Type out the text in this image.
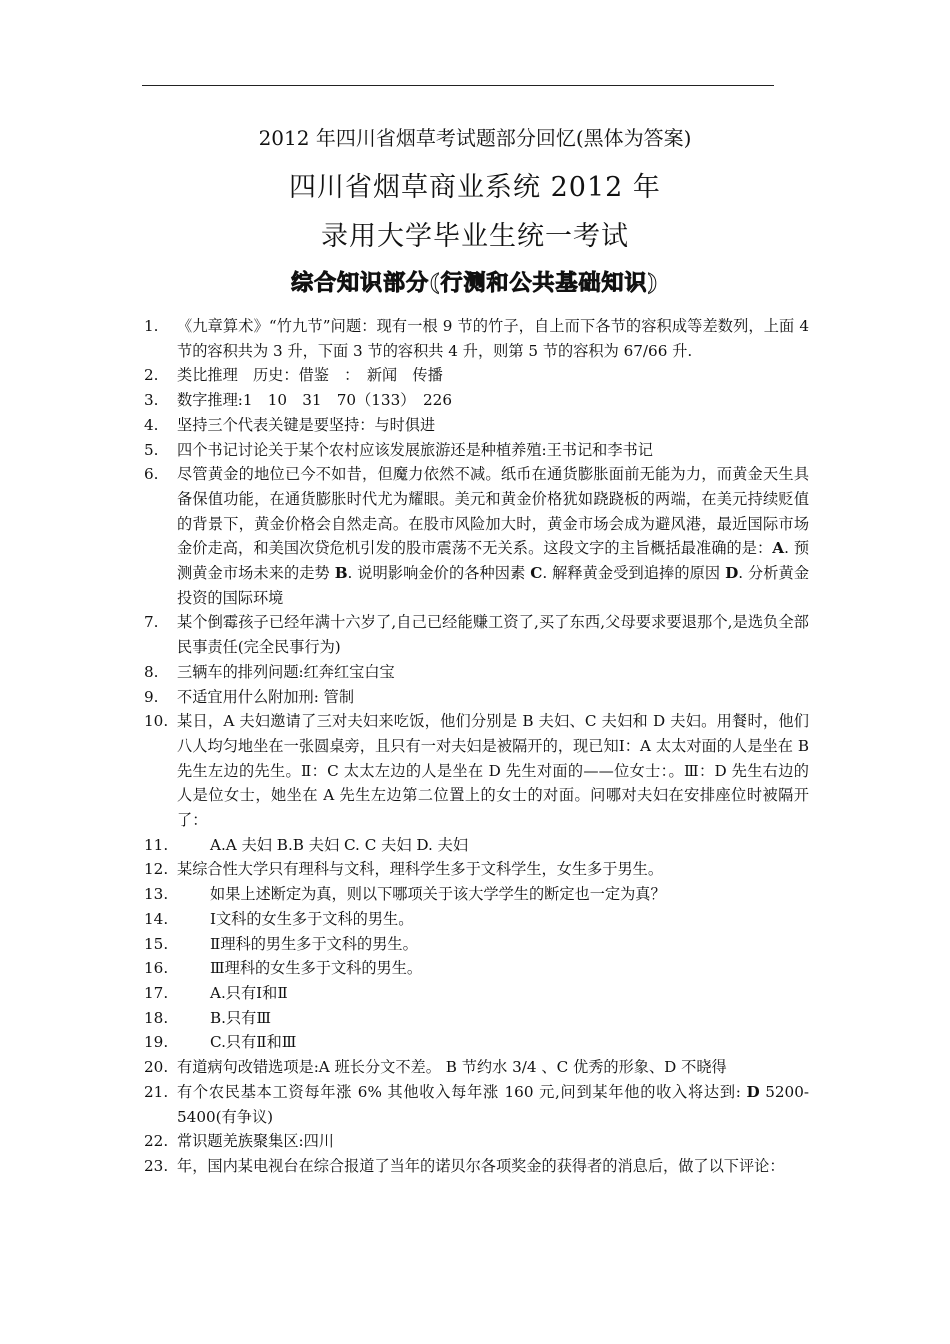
2012 年四川省烟草考试题部分回忆(黑体为答案)
四川省烟草商业系统 2012 年
录用大学毕业生统一考试
综合知识部分(行测和公共基础知识)
1. 《九章算术》“竹九节”问题：现有一根 9 节的竹子，自上而下各节的容积成等差数列，上面 4 节的容积共为 3 升，下面 3 节的容积共 4 升，则第 5 节的容积为 67/66 升.
2. 类比推理　历史：借鉴　：　新闻　传播
3. 数字推理:1　10　31　70（133）　226
4. 坚持三个代表关键是要坚持：与时俱进
5. 四个书记讨论关于某个农村应该发展旅游还是种植养殖:王书记和李书记
6. 尽管黄金的地位已今不如昔，但魔力依然不减。纸币在通货膨胀面前无能为力，而黄金天生具备保值功能，在通货膨胀时代尤为耀眼。美元和黄金价格犹如跷跷板的两端，在美元持续贬值的背景下，黄金价格会自然走高。在股市风险加大时，黄金市场会成为避风港，最近国际市场金价走高，和美国次贷危机引发的股市震荡不无关系。这段文字的主旨概括最准确的是：A. 预测黄金市场未来的走势 B. 说明影响金价的各种因素 C. 解释黄金受到追捧的原因 D. 分析黄金投资的国际环境
7. 某个倒霉孩子已经年满十六岁了,自己已经能赚工资了,买了东西,父母要求要退那个,是选负全部民事责任(完全民事行为)
8. 三辆车的排列问题:红奔红宝白宝
9. 不适宜用什么附加刑: 管制
10. 某日，A 夫妇邀请了三对夫妇来吃饭，他们分别是 B 夫妇、C 夫妇和 D 夫妇。用餐时，他们八人均匀地坐在一张圆桌旁，且只有一对夫妇是被隔开的，现已知Ⅰ：A 太太对面的人是坐在 B 先生左边的先生。Ⅱ：C 太太左边的人是坐在 D 先生对面的——位女士：。Ⅲ：D 先生右边的人是位女士，她坐在 A 先生左边第二位置上的女士的对面。问哪对夫妇在安排座位时被隔开了：
11.	A.A 夫妇 B.B 夫妇 C. C 夫妇 D. 夫妇
12. 某综合性大学只有理科与文科，理科学生多于文科学生，女生多于男生。
13.	如果上述断定为真，则以下哪项关于该大学学生的断定也一定为真？
14.	Ⅰ文科的女生多于文科的男生。
15.	Ⅱ理科的男生多于文科的男生。
16.	Ⅲ理科的女生多于文科的男生。
17.	A.只有Ⅰ和Ⅱ
18.	B.只有Ⅲ
19.	C.只有Ⅱ和Ⅲ
20. 有道病句改错选项是:A 班长分文不差。 B 节约水 3/4 、C 优秀的形象、D 不晓得
21. 有个农民基本工资每年涨 6% 其他收入每年涨 160 元,问到某年他的收入将达到: D 5200-5400(有争议)
22. 常识题羌族聚集区:四川
23. 年，国内某电视台在综合报道了当年的诺贝尔各项奖金的获得者的消息后，做了以下评论：
